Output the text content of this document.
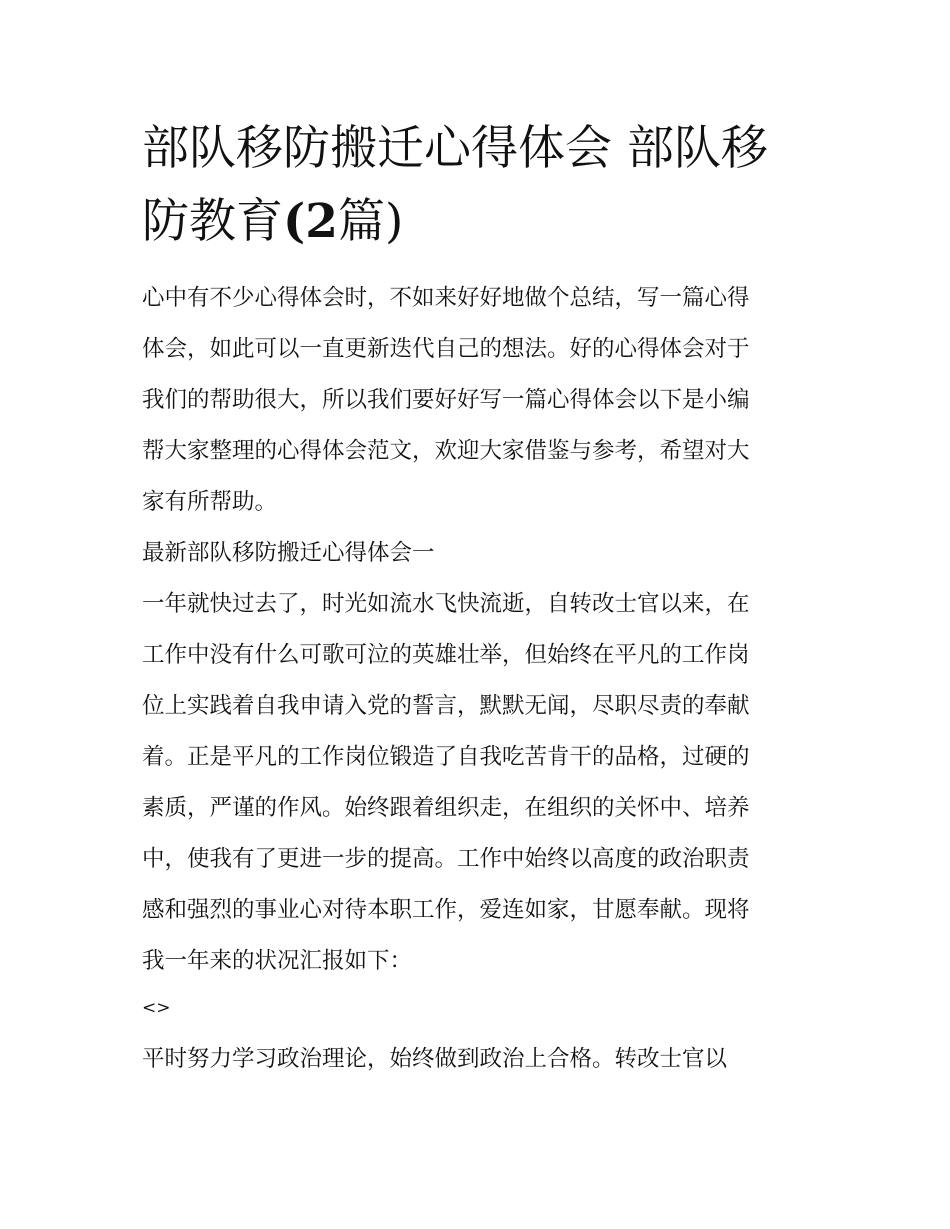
部队移防搬迁心得体会 部队移防教育(2篇)

心中有不少心得体会时，不如来好好地做个总结，写一篇心得

体会，如此可以一直更新迭代自己的想法。好的心得体会对于

我们的帮助很大，所以我们要好好写一篇心得体会以下是小编

帮大家整理的心得体会范文，欢迎大家借鉴与参考，希望对大

家有所帮助。

最新部队移防搬迁心得体会一

一年就快过去了，时光如流水飞快流逝，自转改士官以来，在

工作中没有什么可歌可泣的英雄壮举，但始终在平凡的工作岗

位上实践着自我申请入党的誓言，默默无闻，尽职尽责的奉献

着。正是平凡的工作岗位锻造了自我吃苦肯干的品格，过硬的

素质，严谨的作风。始终跟着组织走，在组织的关怀中、培养

中，使我有了更进一步的提高。工作中始终以高度的政治职责

感和强烈的事业心对待本职工作，爱连如家，甘愿奉献。现将

我一年来的状况汇报如下：

<>

平时努力学习政治理论，始终做到政治上合格。转改士官以
